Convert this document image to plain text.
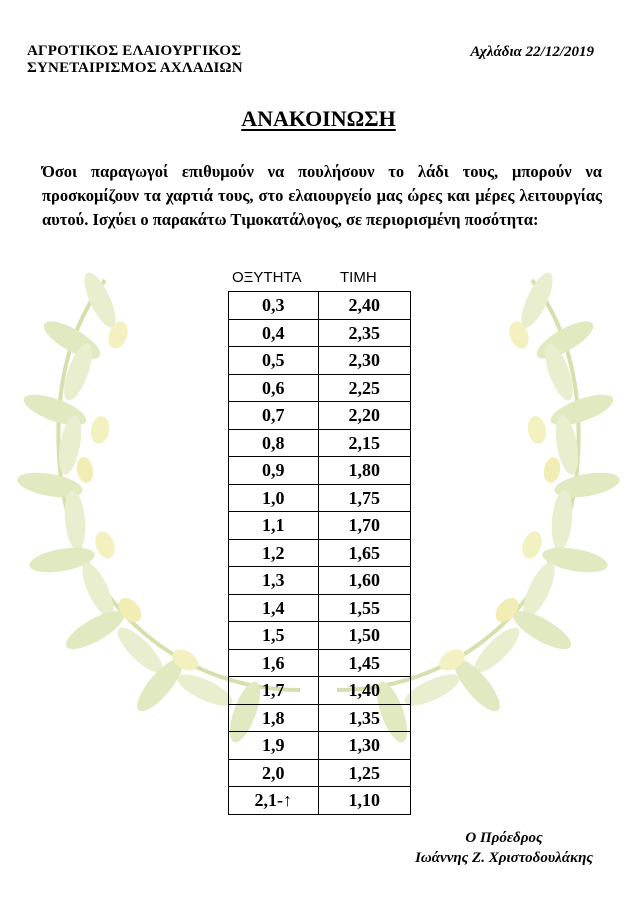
ΑΓΡΟΤΙΚΟΣ ΕΛΑΙΟΥΡΓΙΚΟΣ
ΣΥΝΕΤΑΙΡΙΣΜΟΣ ΑΧΛΑΔΙΩΝ
Αχλάδια 22/12/2019
ΑΝΑΚΟΙΝΩΣΗ
Όσοι παραγωγοί επιθυμούν να πουλήσουν το λάδι τους, μπορούν να προσκομίζουν τα χαρτιά τους, στο ελαιουργείο μας ώρες και μέρες λειτουργίας αυτού. Ισχύει ο παρακάτω Τιμοκατάλογος, σε περιορισμένη ποσότητα:
ΟΞΥΤΗΤΑ	ΤΙΜΗ
0,3	2,40
0,4	2,35
0,5	2,30
0,6	2,25
0,7	2,20
0,8	2,15
0,9	1,80
1,0	1,75
1,1	1,70
1,2	1,65
1,3	1,60
1,4	1,55
1,5	1,50
1,6	1,45
1,7	1,40
1,8	1,35
1,9	1,30
2,0	1,25
2,1-↑	1,10
Ο Πρόεδρος
Ιωάννης Ζ. Χριστοδουλάκης
